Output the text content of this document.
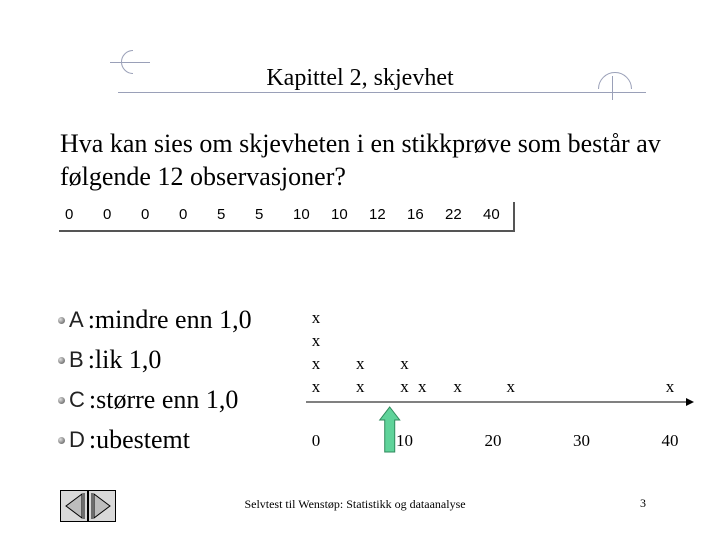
Kapittel 2, skjevhet
Hva kan sies om skjevheten i en stikkprøve som består av følgende 12 observasjoner?
0	0	0	0	5	5	10	10	12	16	22	40
A :mindre enn 1,0
B :lik 1,0
C :større enn 1,0
D :ubestemt
x
x
x
x
x
x
x
x
x x	x	x
0	10	20	30	40
Selvtest til Wenstøp: Statistikk og dataanalyse	3
